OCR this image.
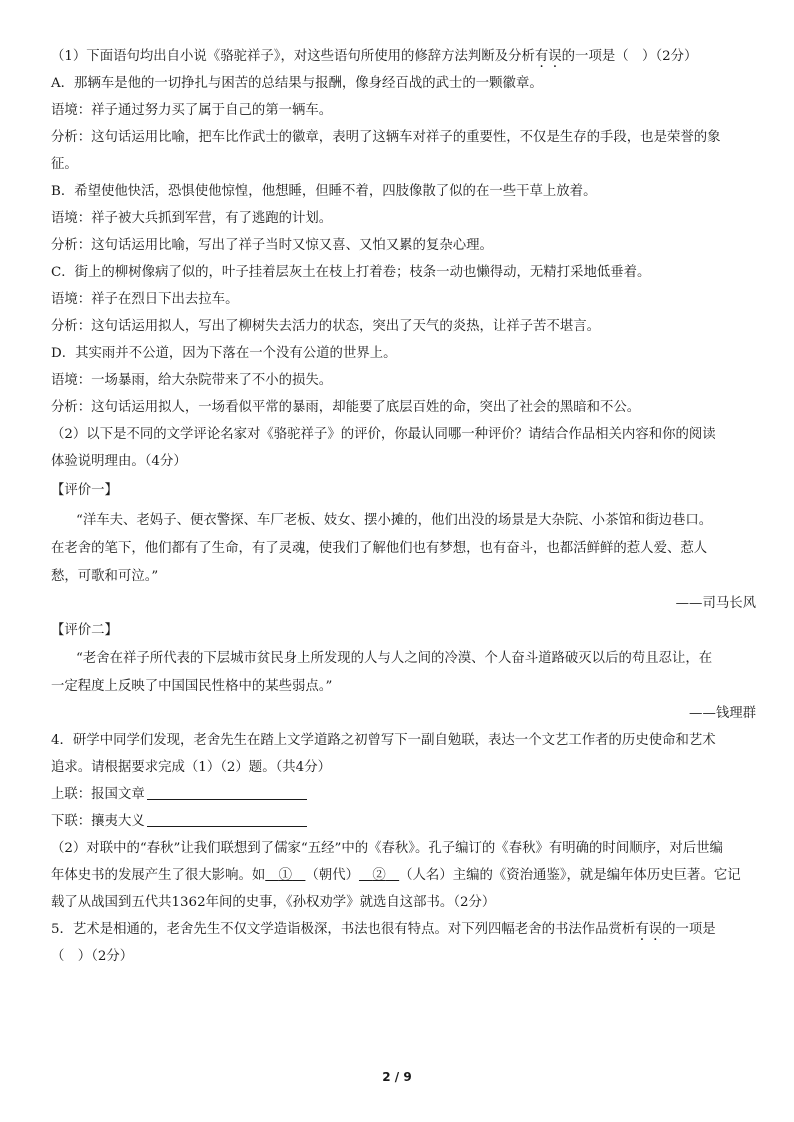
（1）下面语句均出自小说《骆驼祥子》，对这些语句所使用的修辞方法判断及分析有误的一项是（　）（2分）
A．那辆车是他的一切挣扎与困苦的总结果与报酬，像身经百战的武士的一颗徽章。
语境：祥子通过努力买了属于自己的第一辆车。
分析：这句话运用比喻，把车比作武士的徽章，表明了这辆车对祥子的重要性，不仅是生存的手段，也是荣誉的象
征。
B．希望使他快活，恐惧使他惊惶，他想睡，但睡不着，四肢像散了似的在一些干草上放着。
语境：祥子被大兵抓到军营，有了逃跑的计划。
分析：这句话运用比喻，写出了祥子当时又惊又喜、又怕又累的复杂心理。
C．街上的柳树像病了似的，叶子挂着层灰土在枝上打着卷；枝条一动也懒得动，无精打采地低垂着。
语境：祥子在烈日下出去拉车。
分析：这句话运用拟人，写出了柳树失去活力的状态，突出了天气的炎热，让祥子苦不堪言。
D．其实雨并不公道，因为下落在一个没有公道的世界上。
语境：一场暴雨，给大杂院带来了不小的损失。
分析：这句话运用拟人，一场看似平常的暴雨，却能要了底层百姓的命，突出了社会的黑暗和不公。
（2）以下是不同的文学评论名家对《骆驼祥子》的评价，你最认同哪一种评价？请结合作品相关内容和你的阅读
体验说明理由。（4分）
【评价一】
“洋车夫、老妈子、便衣警探、车厂老板、妓女、摆小摊的，他们出没的场景是大杂院、小茶馆和街边巷口。
在老舍的笔下，他们都有了生命，有了灵魂，使我们了解他们也有梦想，也有奋斗，也都活鲜鲜的惹人爱、惹人
愁，可歌和可泣。”
——司马长风
【评价二】
“老舍在祥子所代表的下层城市贫民身上所发现的人与人之间的冷漠、个人奋斗道路破灭以后的苟且忍让，在
一定程度上反映了中国国民性格中的某些弱点。”
——钱理群
4．研学中同学们发现，老舍先生在踏上文学道路之初曾写下一副自勉联，表达一个文艺工作者的历史使命和艺术
追求。请根据要求完成（1）（2）题。（共4分）
上联：报国文章
下联：攘夷大义
（2）对联中的“春秋”让我们联想到了儒家“五经”中的《春秋》。孔子编订的《春秋》有明确的时间顺序，对后世编
年体史书的发展产生了很大影响。如  ①  （朝代）  ②  （人名）主编的《资治通鉴》，就是编年体历史巨著。它记
载了从战国到五代共1362年间的史事，《孙权劝学》就选自这部书。（2分）
5．艺术是相通的，老舍先生不仅文学造诣极深，书法也很有特点。对下列四幅老舍的书法作品赏析有误的一项是
（　）（2分）
2 / 9
